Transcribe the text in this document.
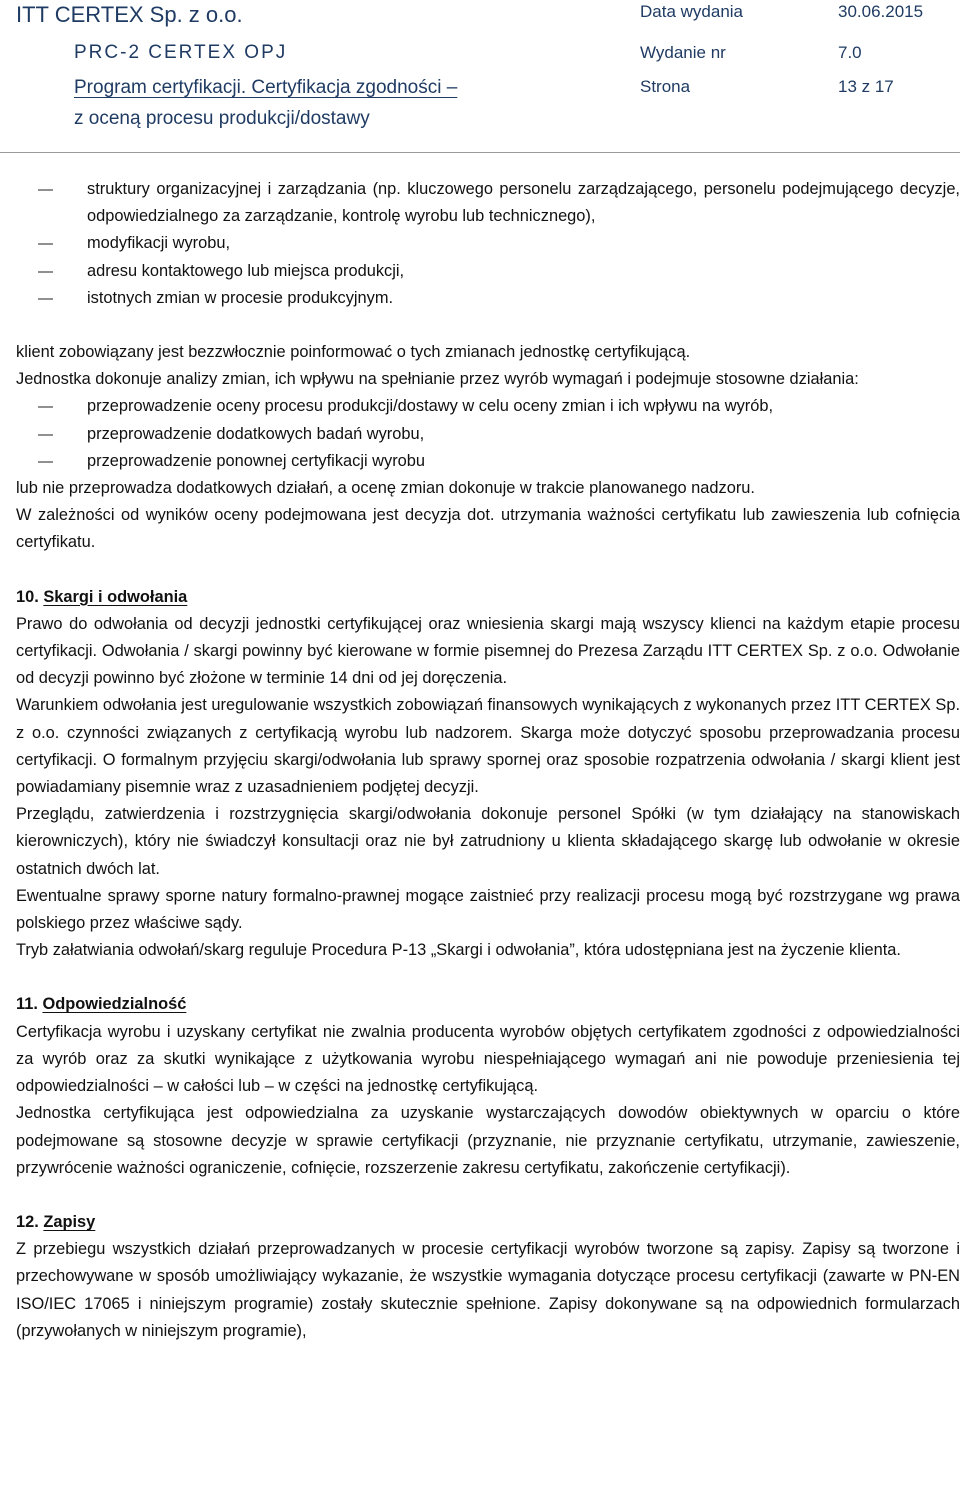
ITT CERTEX Sp. z o.o.
PRC-2 CERTEX OPJ
Program certyfikacji. Certyfikacja zgodności –
z oceną procesu produkcji/dostawy
Data wydania	30.06.2015
Wydanie nr	7.0
Strona	13 z 17
— struktury organizacyjnej i zarządzania (np. kluczowego personelu zarządzającego, personelu podejmującego decyzje, odpowiedzialnego za zarządzanie, kontrolę wyrobu lub technicznego),
— modyfikacji wyrobu,
— adresu kontaktowego lub miejsca produkcji,
— istotnych zmian w procesie produkcyjnym.

klient zobowiązany jest bezzwłocznie poinformować o tych zmianach jednostkę certyfikującą.

Jednostka dokonuje analizy zmian, ich wpływu na spełnianie przez wyrób wymagań i podejmuje stosowne działania:

— przeprowadzenie oceny procesu produkcji/dostawy w celu oceny zmian i ich wpływu na wyrób,
— przeprowadzenie dodatkowych badań wyrobu,
— przeprowadzenie ponownej certyfikacji wyrobu

lub nie przeprowadza dodatkowych działań, a ocenę zmian dokonuje w trakcie planowanego nadzoru.

W zależności od wyników oceny podejmowana jest decyzja dot. utrzymania ważności certyfikatu lub zawieszenia lub cofnięcia certyfikatu.

10. Skargi i odwołania

Prawo do odwołania od decyzji jednostki certyfikującej oraz wniesienia skargi mają wszyscy klienci na każdym etapie procesu certyfikacji. Odwołania / skargi powinny być kierowane w formie pisemnej do Prezesa Zarządu ITT CERTEX Sp. z o.o. Odwołanie od decyzji powinno być złożone w terminie 14 dni od jej doręczenia.

Warunkiem odwołania jest uregulowanie wszystkich zobowiązań finansowych wynikających z wykonanych przez ITT CERTEX Sp. z o.o. czynności związanych z certyfikacją wyrobu lub nadzorem. Skarga może dotyczyć sposobu przeprowadzania procesu certyfikacji. O formalnym przyjęciu skargi/odwołania lub sprawy spornej oraz sposobie rozpatrzenia odwołania / skargi klient jest powiadamiany pisemnie wraz z uzasadnieniem podjętej decyzji.

Przeglądu, zatwierdzenia i rozstrzygnięcia skargi/odwołania dokonuje personel Spółki (w tym działający na stanowiskach kierowniczych), który nie świadczył konsultacji oraz nie był zatrudniony u klienta składającego skargę lub odwołanie w okresie ostatnich dwóch lat.

Ewentualne sprawy sporne natury formalno-prawnej mogące zaistnieć przy realizacji procesu mogą być rozstrzygane wg prawa polskiego przez właściwe sądy.

Tryb załatwiania odwołań/skarg reguluje Procedura P-13 „Skargi i odwołania”, która udostępniana jest na życzenie klienta.

11. Odpowiedzialność

Certyfikacja wyrobu i uzyskany certyfikat nie zwalnia producenta wyrobów objętych certyfikatem zgodności z odpowiedzialności za wyrób oraz za skutki wynikające z użytkowania wyrobu niespełniającego wymagań ani nie powoduje przeniesienia tej odpowiedzialności – w całości lub – w części na jednostkę certyfikującą.

Jednostka certyfikująca jest odpowiedzialna za uzyskanie wystarczających dowodów obiektywnych w oparciu o które podejmowane są stosowne decyzje w sprawie certyfikacji (przyznanie, nie przyznanie certyfikatu, utrzymanie, zawieszenie, przywrócenie ważności ograniczenie, cofnięcie, rozszerzenie zakresu certyfikatu, zakończenie certyfikacji).

12. Zapisy

Z przebiegu wszystkich działań przeprowadzanych w procesie certyfikacji wyrobów tworzone są zapisy. Zapisy są tworzone i przechowywane w sposób umożliwiający wykazanie, że wszystkie wymagania dotyczące procesu certyfikacji (zawarte w PN-EN ISO/IEC 17065 i niniejszym programie) zostały skutecznie spełnione. Zapisy dokonywane są na odpowiednich formularzach (przywołanych w niniejszym programie),
